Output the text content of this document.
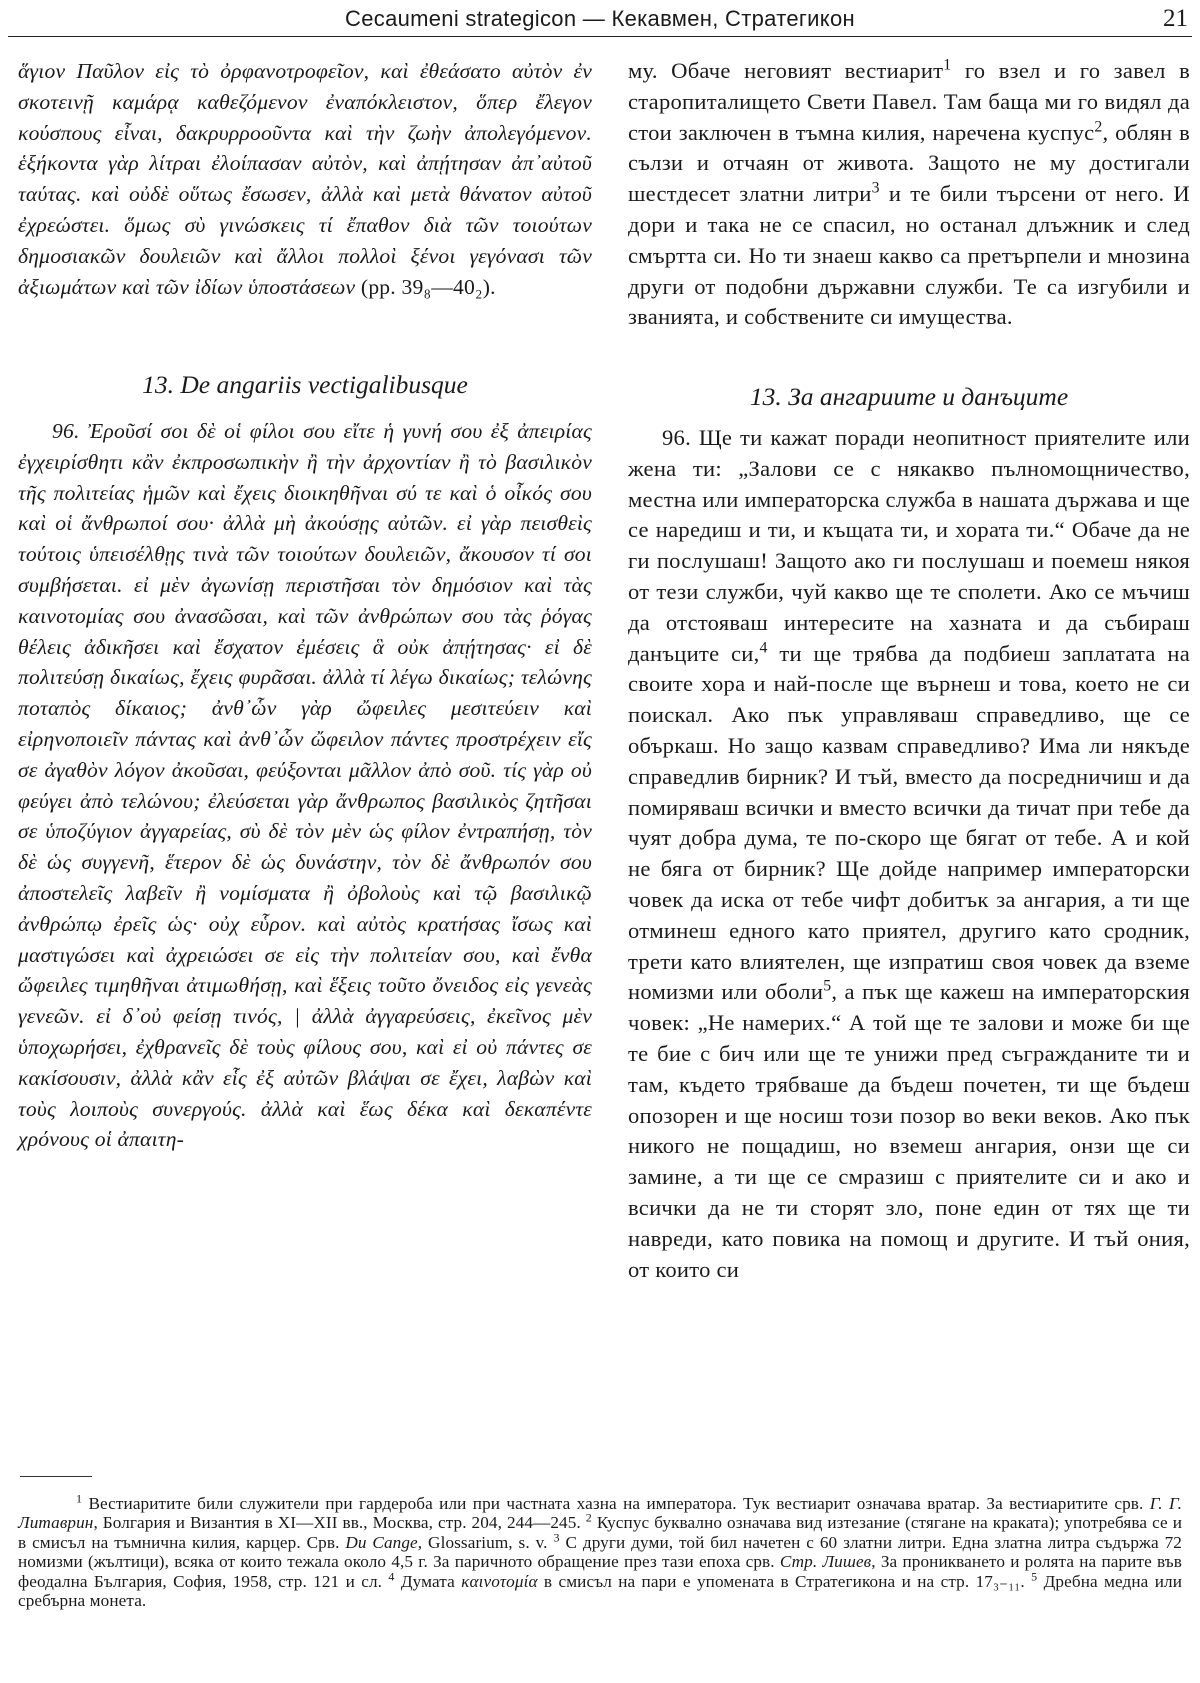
Cecaumeni strategicon — Кекавмен, Стратегикон	21

ἅγιον Παῦλον εἰς τὸ ὀρφανοτροφεῖον, καὶ ἐθεάσατο αὐτὸν ἐν σκοτεινῇ καμάρᾳ καθεζόμενον ἐναπόκλειστον, ὅπερ ἔλεγον κούσπους εἶναι, δακρυρροοῦντα καὶ τὴν ζωὴν ἀπολεγόμενον. ἑξήκοντα γὰρ λίτραι ἐλοίπασαν αὐτὸν, καὶ ἀπῄτησαν ἀπ᾽αὐτοῦ ταύτας. καὶ οὐδὲ οὕτως ἔσωσεν, ἀλλὰ καὶ μετὰ θάνατον αὐτοῦ ἐχρεώστει. ὅμως σὺ γινώσκεις τί ἔπαθον διὰ τῶν τοιούτων δημοσιακῶν δουλειῶν καὶ ἄλλοι πολλοὶ ξένοι γεγόνασι τῶν ἀξιωμάτων καὶ τῶν ἰδίων ὑποστάσεων (pp. 39₈—40₂).

13. De angariis vectigalibusque

96. Ἐροῦσί σοι δὲ οἱ φίλοι σου εἴτε ἡ γυνή σου ἐξ ἀπειρίας ἐγχειρίσθητι κἂν ἐκπροσωπικὴν ἢ τὴν ἀρχοντίαν ἢ τὸ βασιλικὸν τῆς πολιτείας ἡμῶν καὶ ἔχεις διοικηθῆναι σύ τε καὶ ὁ οἶκός σου καὶ οἱ ἄνθρωποί σου· ἀλλὰ μὴ ἀκούσῃς αὐτῶν. εἰ γὰρ πεισθεὶς τούτοις ὑπεισέλθῃς τινὰ τῶν τοιούτων δουλειῶν, ἄκουσον τί σοι συμβήσεται. εἰ μὲν ἀγωνίσῃ περιστῆσαι τὸν δημόσιον καὶ τὰς καινοτομίας σου ἀνασῶσαι, καὶ τῶν ἀνθρώπων σου τὰς ῥόγας θέλεις ἀδικῆσει καὶ ἔσχατον ἐμέσεις ἃ οὐκ ἀπῄτησας· εἰ δὲ πολιτεύσῃ δικαίως, ἔχεις φυρᾶσαι. ἀλλὰ τί λέγω δικαίως; τελώνης ποταπὸς δίκαιος; ἀνθ᾽ὧν γὰρ ὤφειλες μεσιτεύειν καὶ εἰρηνοποιεῖν πάντας καὶ ἀνθ᾽ὧν ὤφειλον πάντες προστρέχειν εἴς σε ἀγαθὸν λόγον ἀκοῦσαι, φεύξονται μᾶλλον ἀπὸ σοῦ. τίς γὰρ οὐ φεύγει ἀπὸ τελώνου; ἐλεύσεται γὰρ ἄνθρωπος βασιλικὸς ζητῆσαι σε ὑποζύγιον ἀγγαρείας, σὺ δὲ τὸν μὲν ὡς φίλον ἐντραπήσῃ, τὸν δὲ ὡς συγγενῆ, ἕτερον δὲ ὡς δυνάστην, τὸν δὲ ἄνθρωπόν σου ἀποστελεῖς λαβεῖν ἢ νομίσματα ἢ ὀβολοὺς καὶ τῷ βασιλικῷ ἀνθρώπῳ ἐρεῖς ὡς· οὐχ εὗρον. καὶ αὐτὸς κρατήσας ἴσως καὶ μαστιγώσει καὶ ἀχρειώσει σε εἰς τὴν πολιτείαν σου, καὶ ἔνθα ὤφειλες τιμηθῆναι ἀτιμωθήσῃ, καὶ ἕξεις τοῦτο ὄνειδος εἰς γενεὰς γενεῶν. εἰ δ᾽οὐ φείσῃ τινός, | ἀλλὰ ἀγγαρεύσεις, ἐκεῖνος μὲν ὑποχωρήσει, ἐχθρανεῖς δὲ τοὺς φίλους σου, καὶ εἰ οὐ πάντες σε κακίσουσιν, ἀλλὰ κἂν εἷς ἐξ αὐτῶν βλάψαι σε ἔχει, λαβὼν καὶ τοὺς λοιποὺς συνεργούς. ἀλλὰ καὶ ἕως δέκα καὶ δεκαπέντε χρόνους οἱ ἀπαιτη-

му. Обаче неговият вестиарит$^1$ го взел и го завел в старопиталището Свети Павел. Там баща ми го видял да стои заключен в тъмна килия, наречена куспус$^2$, облян в сълзи и отчаян от живота. Защото не му достигали шестдесет златни литри$^3$ и те били търсени от него. И дори и така не се спасил, но останал длъжник и след смъртта си. Но ти знаеш какво са претърпели и мнозина други от подобни държавни служби. Те са изгубили и званията, и собствените си имущества.

13. За ангариите и данъците

96. Ще ти кажат поради неопитност приятелите или жена ти: „Залови се с някакво пълномощничество, местна или императорска служба в нашата държава и ще се наредиш и ти, и къщата ти, и хората ти.“ Обаче да не ги послушаш! Защото ако ги послушаш и поемеш някоя от тези служби, чуй какво ще те сполети. Ако се мъчиш да отстояваш интересите на хазната и да събираш данъците си,$^4$ ти ще трябва да подбиеш заплатата на своите хора и най-после ще върнеш и това, което не си поискал. Ако пък управляваш справедливо, ще се объркаш. Но защо казвам справедливо? Има ли някъде справедлив бирник? И тъй, вместо да посредничиш и да помиряваш всички и вместо всички да тичат при тебе да чуят добра дума, те по-скоро ще бягат от тебе. А и кой не бяга от бирник? Ще дойде например императорски човек да иска от тебе чифт добитък за ангария, а ти ще отминеш едного като приятел, другиго като сродник, трети като влиятелен, ще изпратиш своя човек да вземе номизми или оболи$^5$, а пък ще кажеш на императорския човек: „Не намерих.“ А той ще те залови и може би ще те бие с бич или ще те унижи пред съгражданите ти и там, където трябваше да бъдеш почетен, ти ще бъдеш опозорен и ще носиш този позор во веки веков. Ако пък никого не пощадиш, но вземеш ангария, онзи ще си замине, а ти ще се смразиш с приятелите си и ако и всички да не ти сторят зло, поне един от тях ще ти навреди, като повика на помощ и другите. И тъй ония, от които си

$^1$ Вестиаритите били служители при гардероба или при частната хазна на императора. Тук вестиарит означава вратар. За вестиаритите срв. Г. Г. Литаврин, Болгария и Византия в XI—XII вв., Москва, стр. 204, 244—245. $^2$ Куспус буквално означава вид изтезание (стягане на краката); употребява се и в смисъл на тъмнична килия, карцер. Срв. Du Cange, Glossarium, s. v. $^3$ С други думи, той бил начетен с 60 златни литри. Една златна литра съдържа 72 номизми (жълтици), всяка от които тежала около 4,5 г. За паричното обращение през тази епоха срв. Стр. Лишев, За проникването и ролята на парите във феодална България, София, 1958, стр. 121 и сл. $^4$ Думата καινοτομία в смисъл на пари е упомената в Стратегикона и на стр. 17₃₋₁₁. $^5$ Дребна медна или сребърна монета.
